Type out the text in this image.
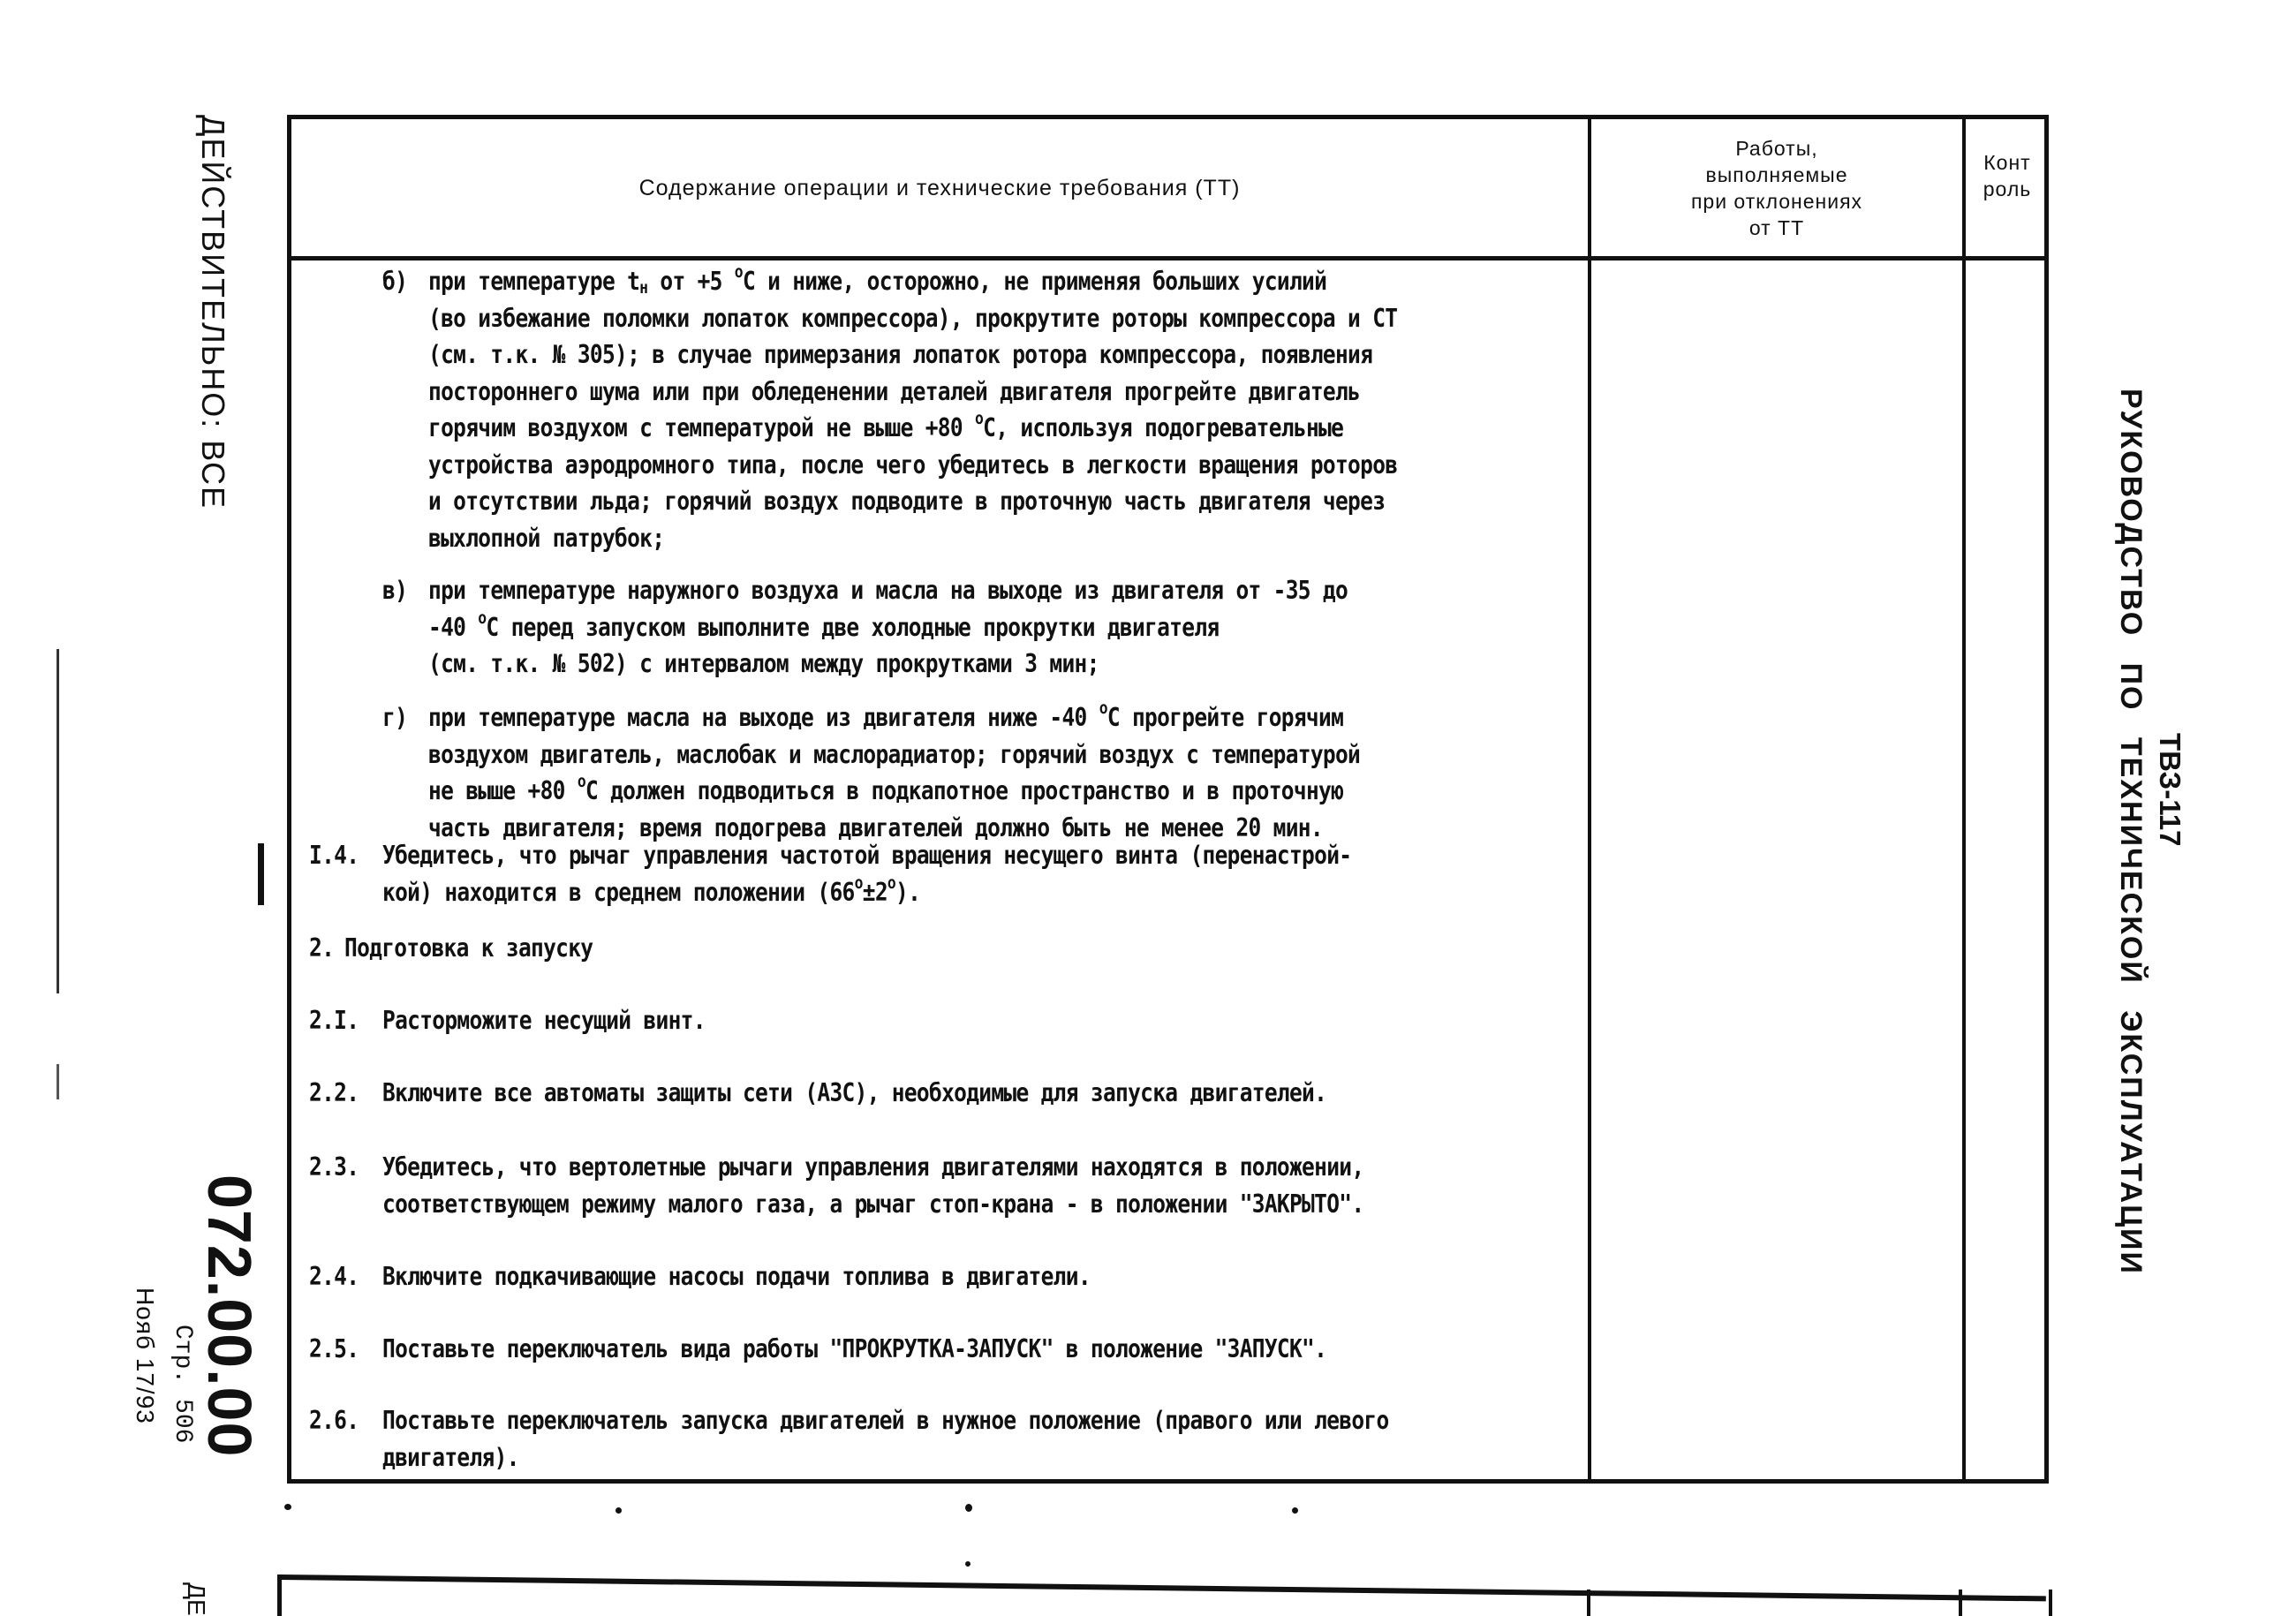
ДЕЙСТВИТЕЛЬНО: ВСЕ
072.00.00
Стр. 506
Нояб 17/93
РУКОВОДСТВО ПО ТЕХНИЧЕСКОЙ ЭКСПЛУАТАЦИИ ТВЗ-117
Содержание операции и технические требования (ТТ)
Работы,
выполняемые
при отклонениях
от ТТ
Конт
роль
б) при температуре $t_н$ от +5 $^o$С и ниже, осторожно, не применяя больших усилий
(во избежание поломки лопаток компрессора), прокрутите роторы компрессора и СТ
(см. т.к. № 305); в случае примерзания лопаток ротора компрессора, появления
постороннего шума или при обледенении деталей двигателя прогрейте двигатель
горячим воздухом с температурой не выше +80 $^o$С, используя подогревательные
устройства аэродромного типа, после чего убедитесь в легкости вращения роторов
и отсутствии льда; горячий воздух подводите в проточную часть двигателя через
выхлопной патрубок;
в) при температуре наружного воздуха и масла на выходе из двигателя от -35 до
-40 $^o$С перед запуском выполните две холодные прокрутки двигателя
(см. т.к. № 502) с интервалом между прокрутками 3 мин;
г) при температуре масла на выходе из двигателя ниже -40 $^o$С прогрейте горячим
воздухом двигатель, маслобак и маслорадиатор; горячий воздух с температурой
не выше +80 $^o$С должен подводиться в подкапотное пространство и в проточную
часть двигателя; время подогрева двигателей должно быть не менее 20 мин.
I.4. Убедитесь, что рычаг управления частотой вращения несущего винта (перенастрой-
кой) находится в среднем положении $(66^o\pm 2^o)$.
2. Подготовка к запуску
2.I. Расторможите несущий винт.
2.2. Включите все автоматы защиты сети (АЗС), необходимые для запуска двигателей.
2.3. Убедитесь, что вертолетные рычаги управления двигателями находятся в положении,
соответствующем режиму малого газа, а рычаг стоп-крана - в положении "ЗАКРЫТО".
2.4. Включите подкачивающие насосы подачи топлива в двигатели.
2.5. Поставьте переключатель вида работы "ПРОКРУТКА-ЗАПУСК" в положение "ЗАПУСК".
2.6. Поставьте переключатель запуска двигателей в нужное положение (правого или левого
двигателя).
ДЕ
